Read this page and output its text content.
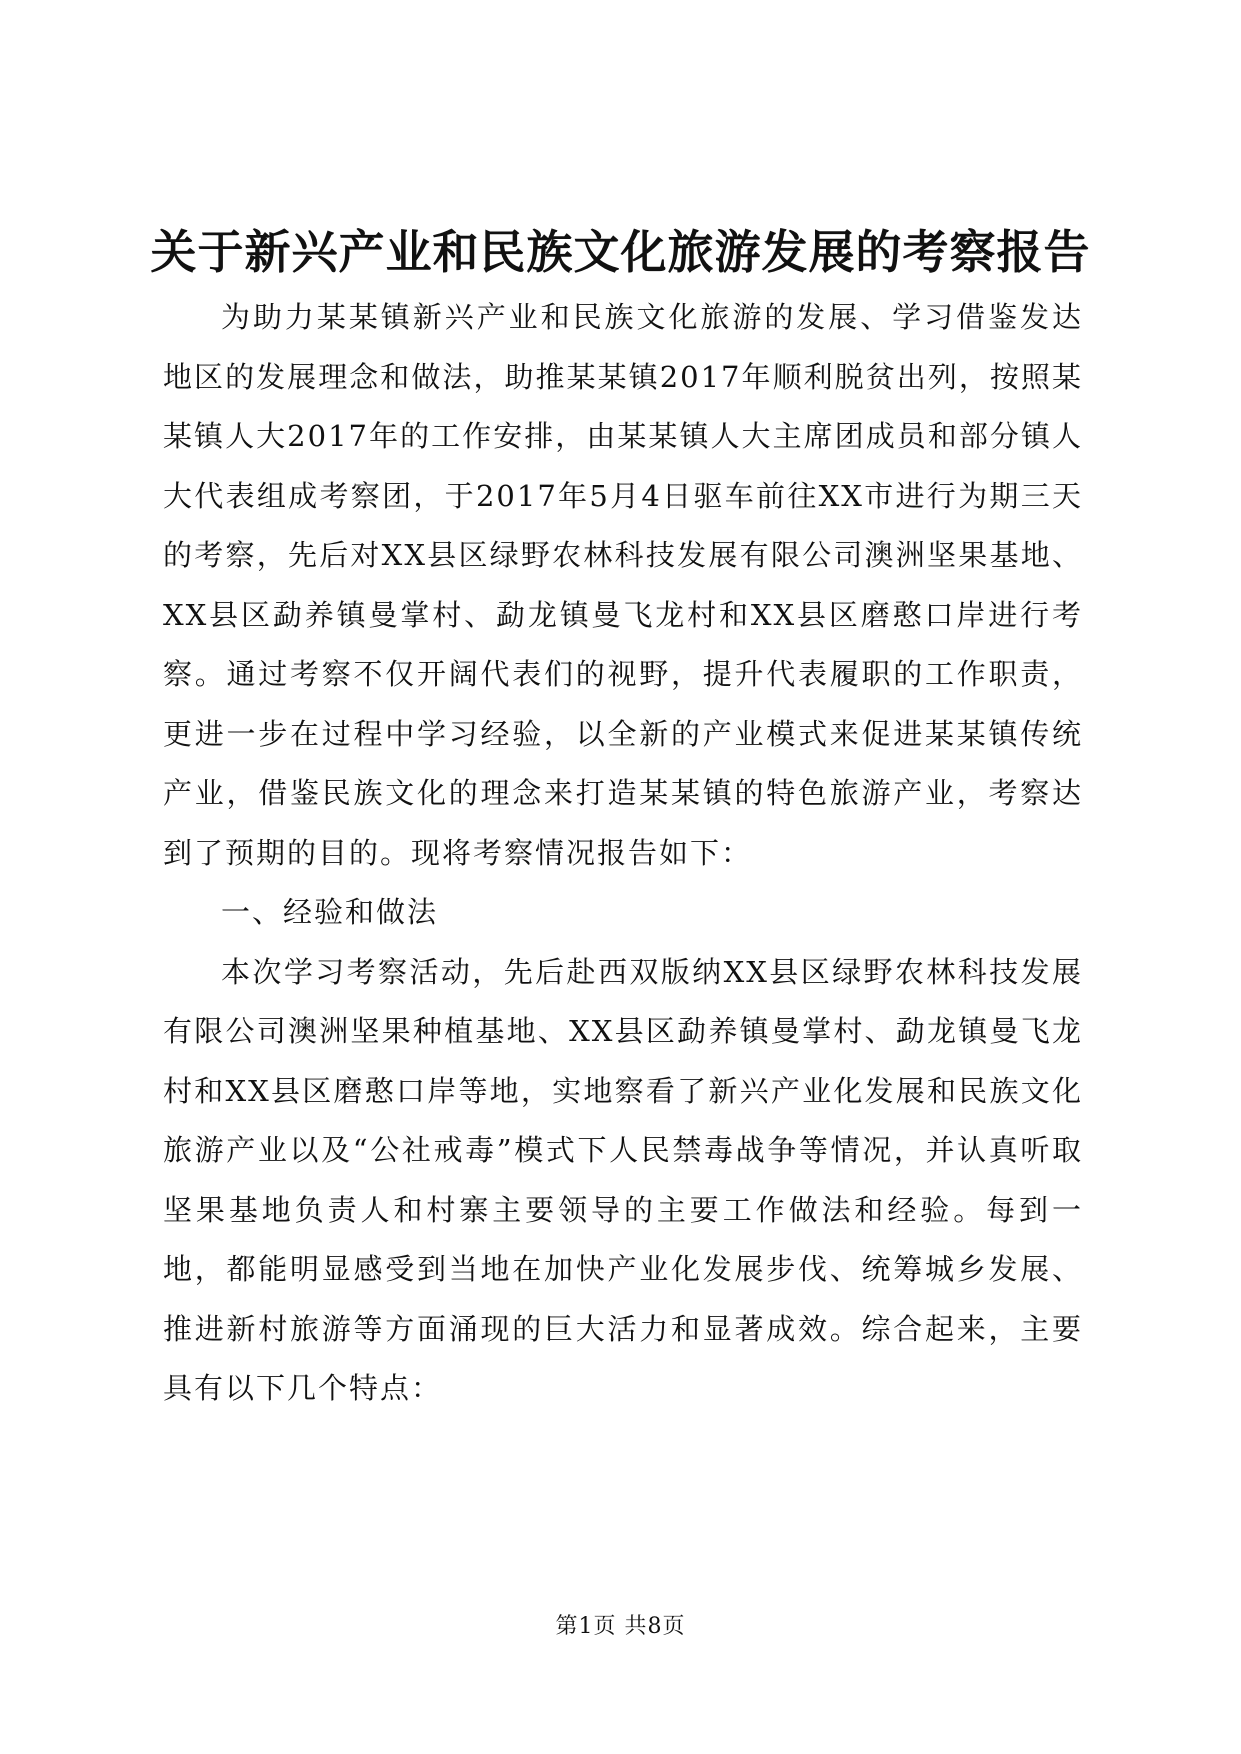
关于新兴产业和民族文化旅游发展的考察报告

为助力某某镇新兴产业和民族文化旅游的发展、学习借鉴发达地区的发展理念和做法，助推某某镇2017年顺利脱贫出列，按照某某镇人大2017年的工作安排，由某某镇人大主席团成员和部分镇人大代表组成考察团，于2017年5月4日驱车前往XX市进行为期三天的考察，先后对XX县区绿野农林科技发展有限公司澳洲坚果基地、XX县区勐养镇曼掌村、勐龙镇曼飞龙村和XX县区磨憨口岸进行考察。通过考察不仅开阔代表们的视野，提升代表履职的工作职责，更进一步在过程中学习经验，以全新的产业模式来促进某某镇传统产业，借鉴民族文化的理念来打造某某镇的特色旅游产业，考察达到了预期的目的。现将考察情况报告如下：

一、经验和做法

本次学习考察活动，先后赴西双版纳XX县区绿野农林科技发展有限公司澳洲坚果种植基地、XX县区勐养镇曼掌村、勐龙镇曼飞龙村和XX县区磨憨口岸等地，实地察看了新兴产业化发展和民族文化旅游产业以及“公社戒毒”模式下人民禁毒战争等情况，并认真听取坚果基地负责人和村寨主要领导的主要工作做法和经验。每到一地，都能明显感受到当地在加快产业化发展步伐、统筹城乡发展、推进新村旅游等方面涌现的巨大活力和显著成效。综合起来，主要具有以下几个特点：

第1页 共8页
